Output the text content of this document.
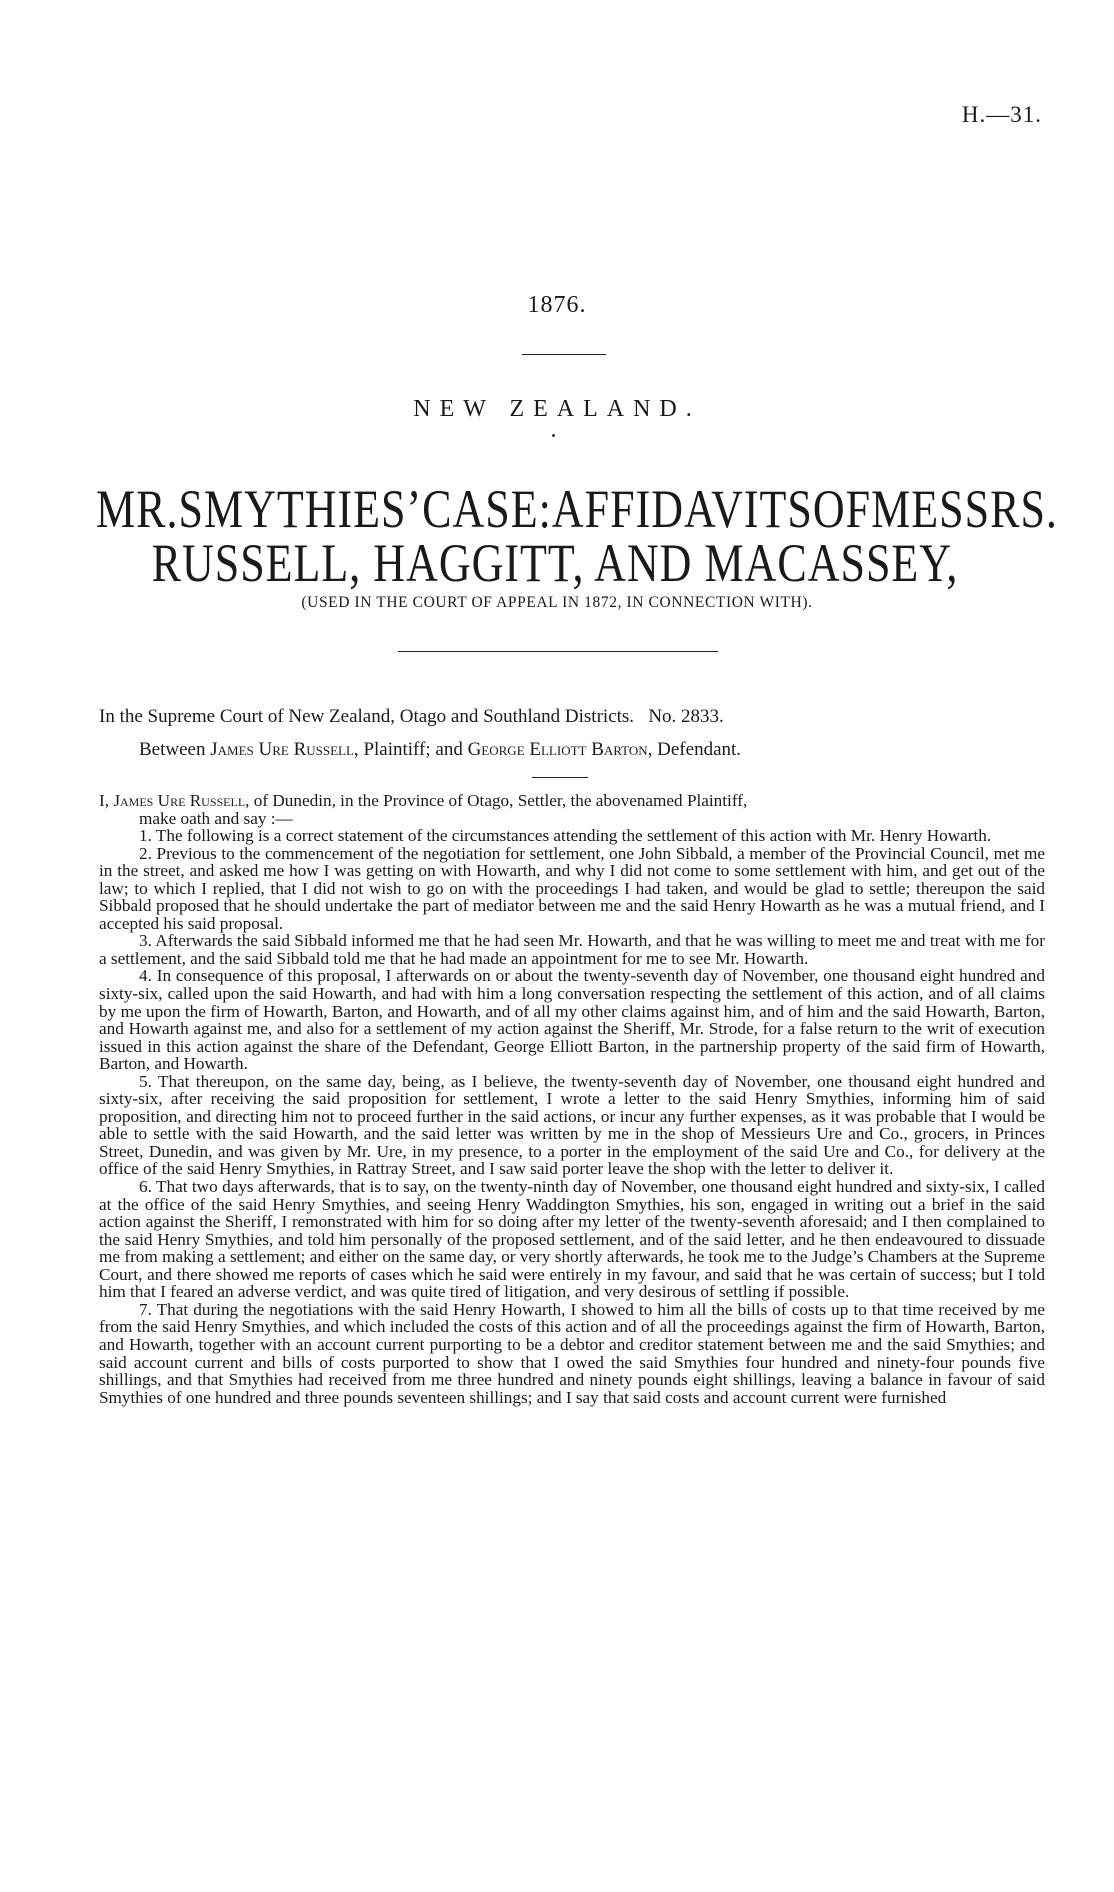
H.—31.
1876.
NEW ZEALAND.
MR. SMYTHIES’ CASE: AFFIDAVITS OF MESSRS.
RUSSELL, HAGGITT, AND MACASSEY,
(USED IN THE COURT OF APPEAL IN 1872, IN CONNECTION WITH).
In the Supreme Court of New Zealand, Otago and Southland Districts. No. 2833.
Between James Ure Russell, Plaintiff; and George Elliott Barton, Defendant.

I, James Ure Russell, of Dunedin, in the Province of Otago, Settler, the abovenamed Plaintiff,
make oath and say :—

1. The following is a correct statement of the circumstances attending the settlement of this action with Mr. Henry Howarth.

2. Previous to the commencement of the negotiation for settlement, one John Sibbald, a member of the Provincial Council, met me in the street, and asked me how I was getting on with Howarth, and why I did not come to some settlement with him, and get out of the law; to which I replied, that I did not wish to go on with the proceedings I had taken, and would be glad to settle; thereupon the said Sibbald proposed that he should undertake the part of mediator between me and the said Henry Howarth as he was a mutual friend, and I accepted his said proposal.

3. Afterwards the said Sibbald informed me that he had seen Mr. Howarth, and that he was willing to meet me and treat with me for a settlement, and the said Sibbald told me that he had made an appointment for me to see Mr. Howarth.

4. In consequence of this proposal, I afterwards on or about the twenty-seventh day of November, one thousand eight hundred and sixty-six, called upon the said Howarth, and had with him a long conversation respecting the settlement of this action, and of all claims by me upon the firm of Howarth, Barton, and Howarth, and of all my other claims against him, and of him and the said Howarth, Barton, and Howarth against me, and also for a settlement of my action against the Sheriff, Mr. Strode, for a false return to the writ of execution issued in this action against the share of the Defendant, George Elliott Barton, in the partnership property of the said firm of Howarth, Barton, and Howarth.

5. That thereupon, on the same day, being, as I believe, the twenty-seventh day of November, one thousand eight hundred and sixty-six, after receiving the said proposition for settlement, I wrote a letter to the said Henry Smythies, informing him of said proposition, and directing him not to proceed further in the said actions, or incur any further expenses, as it was probable that I would be able to settle with the said Howarth, and the said letter was written by me in the shop of Messieurs Ure and Co., grocers, in Princes Street, Dunedin, and was given by Mr. Ure, in my presence, to a porter in the employment of the said Ure and Co., for delivery at the office of the said Henry Smythies, in Rattray Street, and I saw said porter leave the shop with the letter to deliver it.

6. That two days afterwards, that is to say, on the twenty-ninth day of November, one thousand eight hundred and sixty-six, I called at the office of the said Henry Smythies, and seeing Henry Waddington Smythies, his son, engaged in writing out a brief in the said action against the Sheriff, I remonstrated with him for so doing after my letter of the twenty-seventh aforesaid; and I then complained to the said Henry Smythies, and told him personally of the proposed settlement, and of the said letter, and he then endeavoured to dissuade me from making a settlement; and either on the same day, or very shortly afterwards, he took me to the Judge’s Chambers at the Supreme Court, and there showed me reports of cases which he said were entirely in my favour, and said that he was certain of success; but I told him that I feared an adverse verdict, and was quite tired of litigation, and very desirous of settling if possible.

7. That during the negotiations with the said Henry Howarth, I showed to him all the bills of costs up to that time received by me from the said Henry Smythies, and which included the costs of this action and of all the proceedings against the firm of Howarth, Barton, and Howarth, together with an account current purporting to be a debtor and creditor statement between me and the said Smythies; and said account current and bills of costs purported to show that I owed the said Smythies four hundred and ninety-four pounds five shillings, and that Smythies had received from me three hundred and ninety pounds eight shillings, leaving a balance in favour of said Smythies of one hundred and three pounds seventeen shillings; and I say that said costs and account current were furnished
